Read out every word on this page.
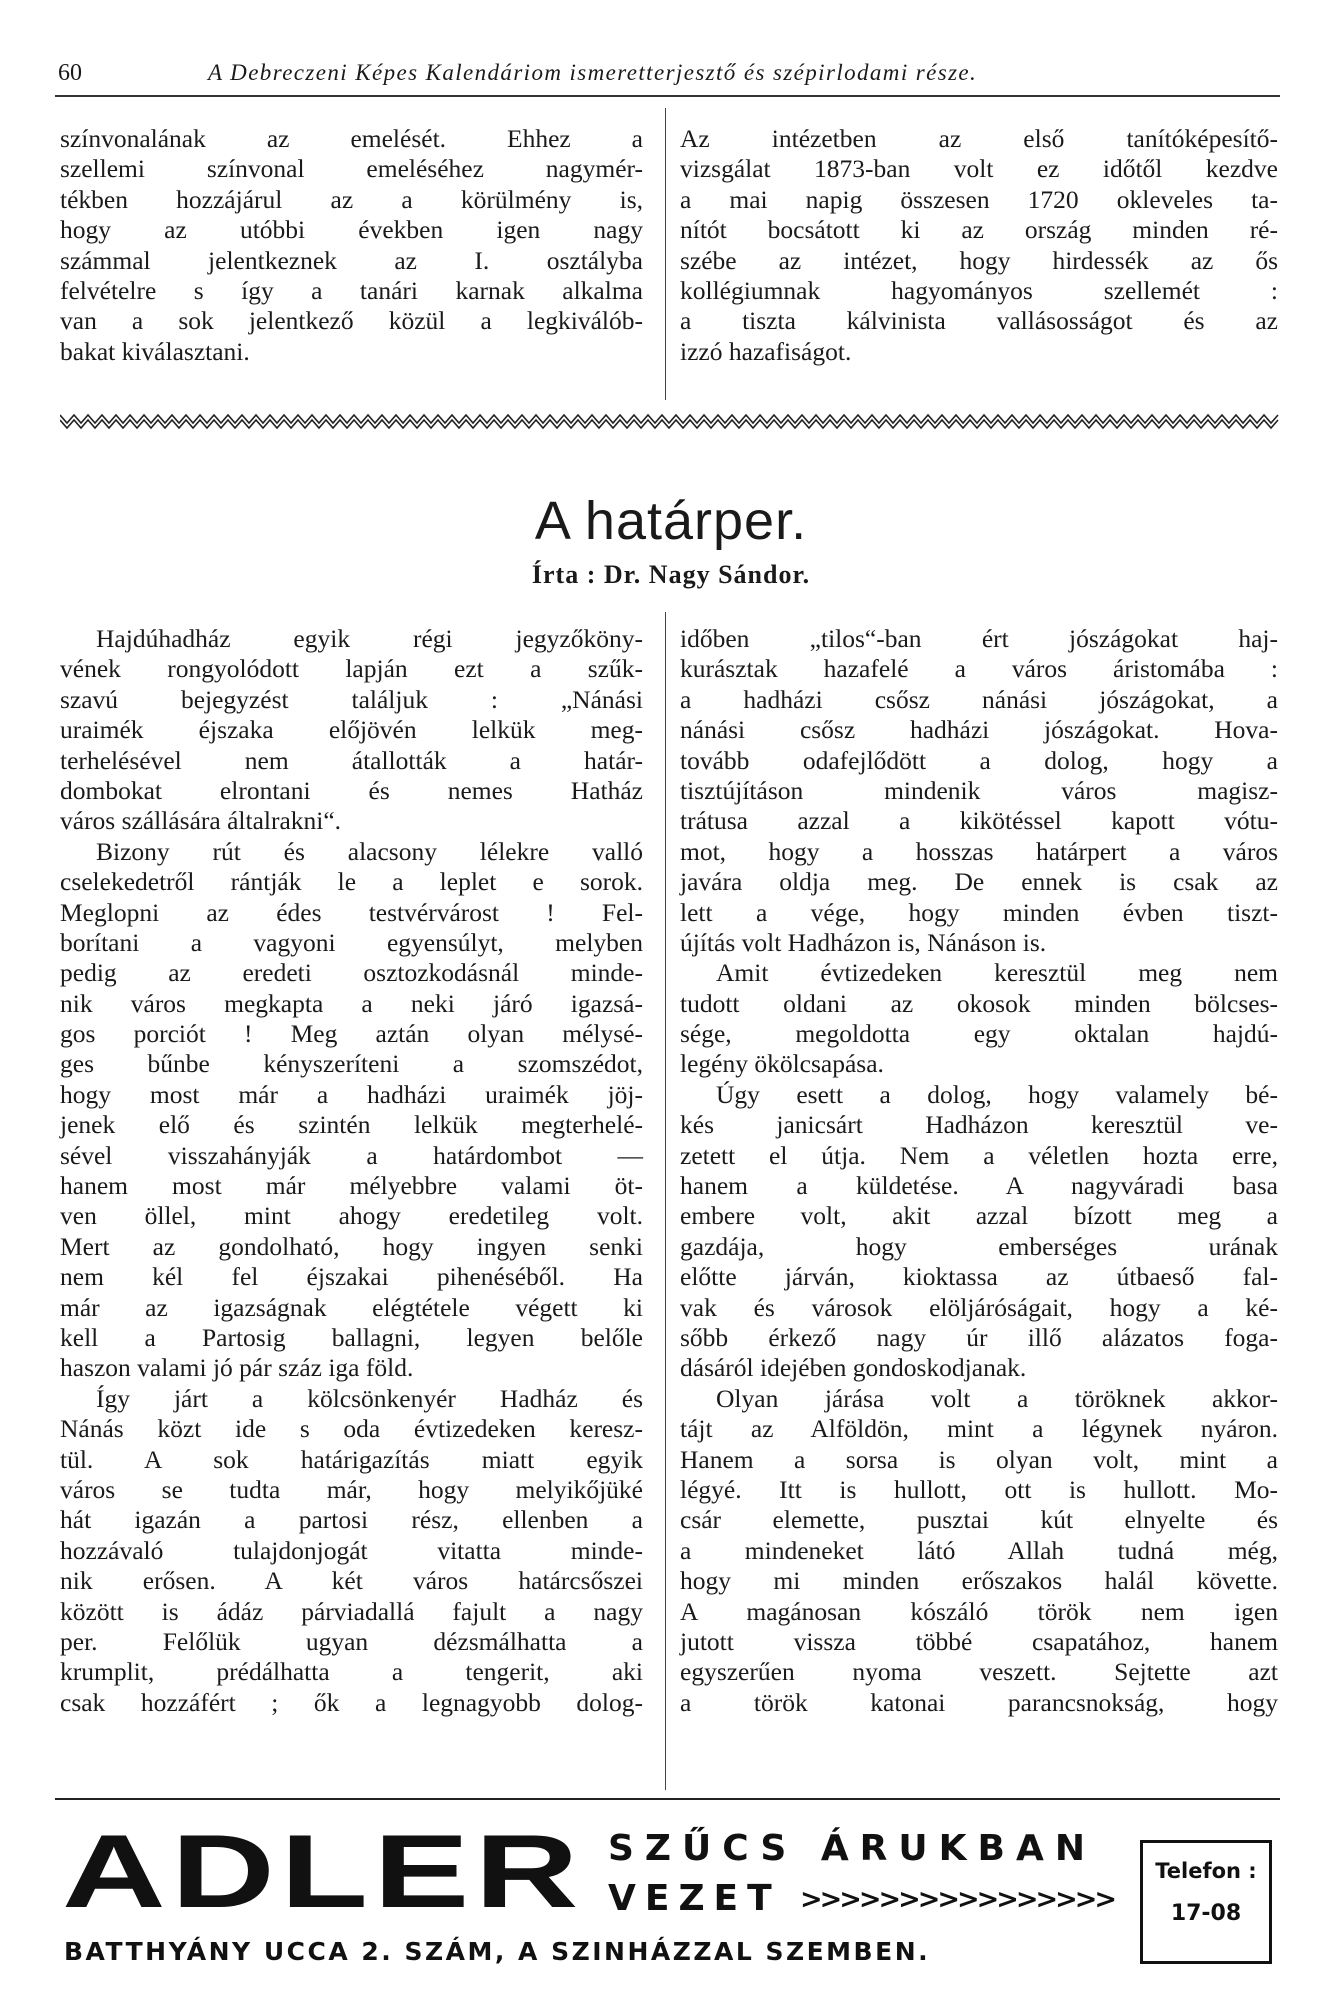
60	A Debreczeni Képes Kalendáriom ismeretterjesztő és szépirlodami része.
színvonalának az emelését. Ehhez a
szellemi színvonal emeléséhez nagymér-
tékben hozzájárul az a körülmény is,
hogy az utóbbi években igen nagy
számmal jelentkeznek az I. osztályba
felvételre s így a tanári karnak alkalma
van a sok jelentkező közül a legkiválób-
bakat kiválasztani.
Az intézetben az első tanítóképesítő-
vizsgálat 1873-ban volt ez időtől kezdve
a mai napig összesen 1720 okleveles ta-
nítót bocsátott ki az ország minden ré-
szébe az intézet, hogy hirdessék az ős
kollégiumnak hagyományos szellemét :
a tiszta kálvinista vallásosságot és az
izzó hazafiságot.
A határper.
Írta : Dr. Nagy Sándor.
Hajdúhadház egyik régi jegyzőköny-
vének rongyolódott lapján ezt a szűk-
szavú bejegyzést találjuk : „Nánási
uraimék éjszaka előjövén lelkük meg-
terhelésével nem átallották a határ-
dombokat elrontani és nemes Hatház
város szállására általrakni“.
Bizony rút és alacsony lélekre valló
cselekedetről rántják le a leplet e sorok.
Meglopni az édes testvérvárost ! Fel-
borítani a vagyoni egyensúlyt, melyben
pedig az eredeti osztozkodásnál minde-
nik város megkapta a neki járó igazsá-
gos porciót ! Meg aztán olyan mélysé-
ges bűnbe kényszeríteni a szomszédot,
hogy most már a hadházi uraimék jöj-
jenek elő és szintén lelkük megterhelé-
sével visszahányják a határdombot —
hanem most már mélyebbre valami öt-
ven öllel, mint ahogy eredetileg volt.
Mert az gondolható, hogy ingyen senki
nem kél fel éjszakai pihenéséből. Ha
már az igazságnak elégtétele végett ki
kell a Partosig ballagni, legyen belőle
haszon valami jó pár száz iga föld.
Így járt a kölcsönkenyér Hadház és
Nánás közt ide s oda évtizedeken keresz-
tül. A sok határigazítás miatt egyik
város se tudta már, hogy melyikőjüké
hát igazán a partosi rész, ellenben a
hozzávaló tulajdonjogát vitatta minde-
nik erősen. A két város határcsőszei
között is ádáz párviadallá fajult a nagy
per. Felőlük ugyan dézsmálhatta a
krumplit, prédálhatta a tengerit, aki
csak hozzáfért ; ők a legnagyobb dolog-
időben „tilos“-ban ért jószágokat haj-
kurásztak hazafelé a város áristomába :
a hadházi csősz nánási jószágokat, a
nánási csősz hadházi jószágokat. Hova-
tovább odafejlődött a dolog, hogy a
tisztújításon mindenik város magisz-
trátusa azzal a kikötéssel kapott vótu-
mot, hogy a hosszas határpert a város
javára oldja meg. De ennek is csak az
lett a vége, hogy minden évben tiszt-
újítás volt Hadházon is, Nánáson is.
Amit évtizedeken keresztül meg nem
tudott oldani az okosok minden bölcses-
sége, megoldotta egy oktalan hajdú-
legény ökölcsapása.
Úgy esett a dolog, hogy valamely bé-
kés janicsárt Hadházon keresztül ve-
zetett el útja. Nem a véletlen hozta erre,
hanem a küldetése. A nagyváradi basa
embere volt, akit azzal bízott meg a
gazdája, hogy emberséges urának
előtte járván, kioktassa az útbaeső fal-
vak és városok elöljáróságait, hogy a ké-
sőbb érkező nagy úr illő alázatos foga-
dásáról idejében gondoskodjanak.
Olyan járása volt a töröknek akkor-
tájt az Alföldön, mint a légynek nyáron.
Hanem a sorsa is olyan volt, mint a
légyé. Itt is hullott, ott is hullott. Mo-
csár elemette, pusztai kút elnyelte és
a mindeneket látó Allah tudná még,
hogy mi minden erőszakos halál követte.
A magánosan kószáló török nem igen
jutott vissza többé csapatához, hanem
egyszerűen nyoma veszett. Sejtette azt
a török katonai parancsnokság, hogy
ADLER SZŰCS ÁRUKBAN
VEZET >>>>>>>>>>>>>>>>
BATTHYÁNY UCCA 2. SZÁM, A SZINHÁZZAL SZEMBEN.
Telefon :
17-08
